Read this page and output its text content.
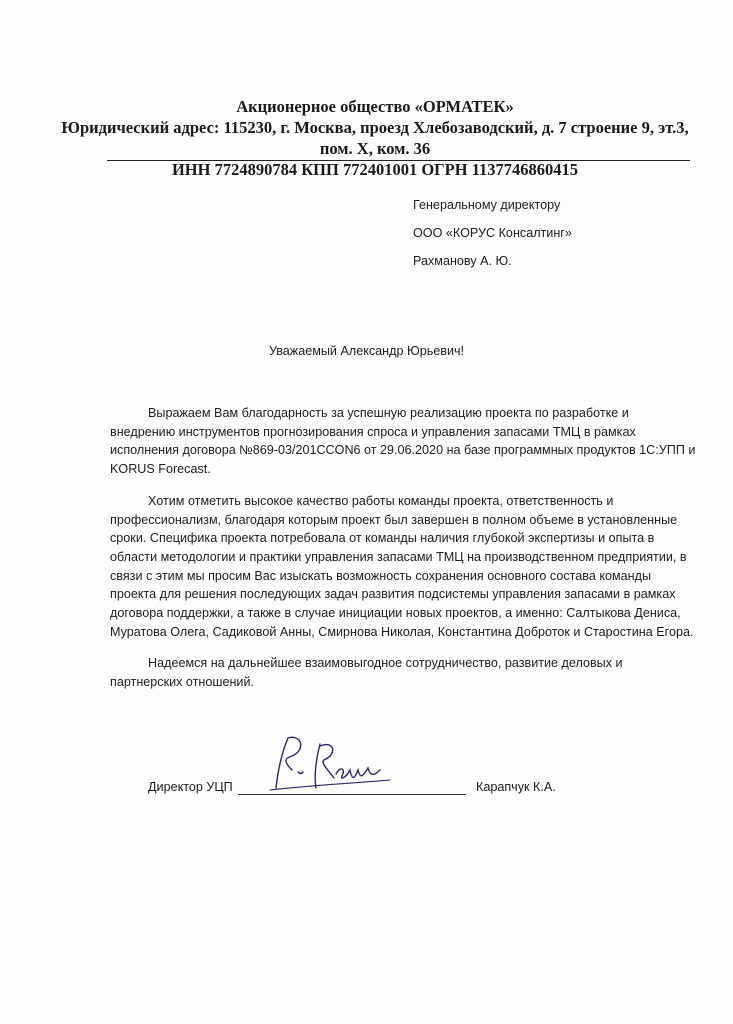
Акционерное общество «ОРМАТЕК»
Юридический адрес: 115230, г. Москва, проезд Хлебозаводский, д. 7 строение 9, эт.3,
пом. X, ком. 36
ИНН 7724890784 КПП 772401001 ОГРН 1137746860415
Генеральному директору
ООО «КОРУС Консалтинг»
Рахманову А. Ю.
Уважаемый Александр Юрьевич!

Выражаем Вам благодарность за успешную реализацию проекта по разработке и
внедрению инструментов прогнозирования спроса и управления запасами ТМЦ в рамках
исполнения договора №869-03/201CCON6 от 29.06.2020 на базе программных продуктов 1С:УПП и
KORUS Forecast.

Хотим отметить высокое качество работы команды проекта, ответственность и
профессионализм, благодаря которым проект был завершен в полном объеме в установленные
сроки. Специфика проекта потребовала от команды наличия глубокой экспертизы и опыта в
области методологии и практики управления запасами ТМЦ на производственном предприятии, в
связи с этим мы просим Вас изыскать возможность сохранения основного состава команды
проекта для решения последующих задач развития подсистемы управления запасами в рамках
договора поддержки, а также в случае инициации новых проектов, а именно: Салтыкова Дениса,
Муратова Олега, Садиковой Анны, Смирнова Николая, Константина Доброток и Старостина Егора.

Надеемся на дальнейшее взаимовыгодное сотрудничество, развитие деловых и
партнерских отношений.

Директор УЦП	Карапчук К.А.
